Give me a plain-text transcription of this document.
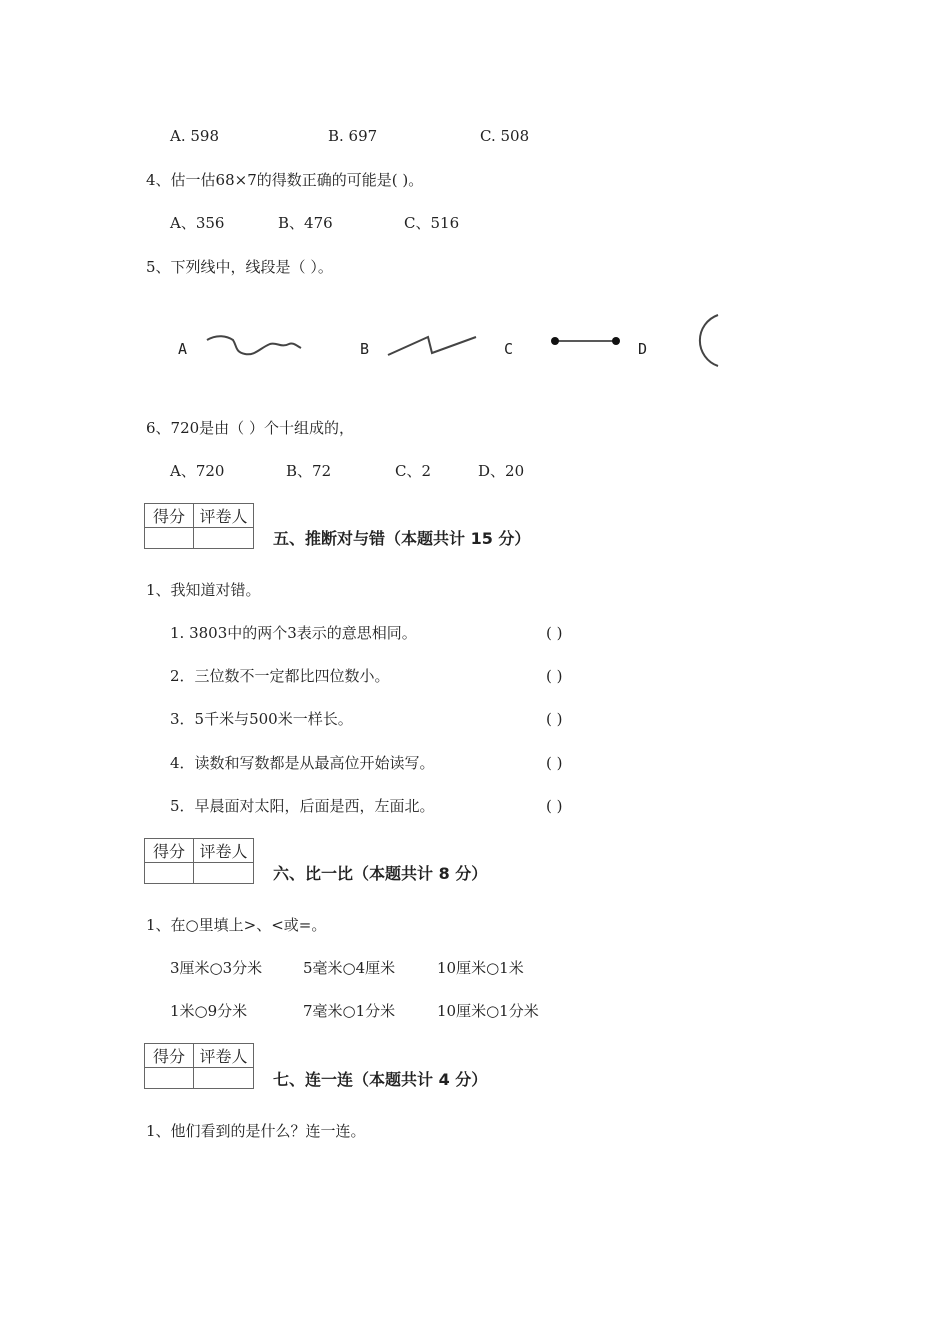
A. 598	B. 697	C. 508
4、估一估68×7的得数正确的可能是( )。
A、356	B、476	C、516
5、下列线中，线段是（ ）。
A	B	C	D
6、720是由（ ）个十组成的，
A、720	B、72	C、2	D、20
得分	评卷人

五、推断对与错（本题共计 15 分）
1、我知道对错。
1. 3803中的两个3表示的意思相同。	( )
2．三位数不一定都比四位数小。	( )
3．5千米与500米一样长。	( )
4．读数和写数都是从最高位开始读写。	( )
5．早晨面对太阳，后面是西，左面北。	( )
得分	评卷人

六、比一比（本题共计 8 分）
1、在○里填上>、<或=。
3厘米○3分米	5毫米○4厘米	10厘米○1米
1米○9分米	7毫米○1分米	10厘米○1分米
得分	评卷人

七、连一连（本题共计 4 分）
1、他们看到的是什么？连一连。
